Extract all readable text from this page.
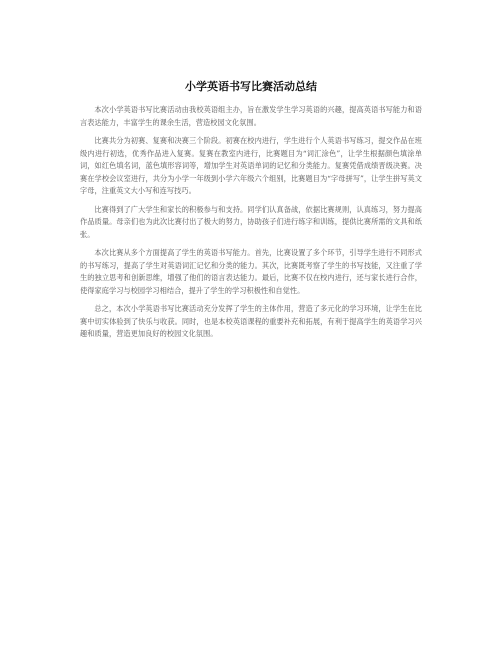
小学英语书写比赛活动总结

本次小学英语书写比赛活动由我校英语组主办，旨在激发学生学习英语的兴趣，提高英语书写能力和语言表达能力，丰富学生的课余生活，营造校园文化氛围。

比赛共分为初赛、复赛和决赛三个阶段。初赛在校内进行，学生进行个人英语书写练习，提交作品在班级内进行初选，优秀作品进入复赛。复赛在教室内进行，比赛题目为“词汇涂色”，让学生根据颜色填涂单词，如红色填名词，蓝色填形容词等，增加学生对英语单词的记忆和分类能力。复赛凭借成绩晋级决赛。决赛在学校会议室进行，共分为小学一年级到小学六年级六个组别，比赛题目为“字母拼写”，让学生拼写英文字母，注重英文大小写和连写技巧。

比赛得到了广大学生和家长的积极参与和支持。同学们认真备战，依据比赛规则，认真练习，努力提高作品质量。母亲们也为此次比赛付出了极大的努力，协助孩子们进行练字和训练，提供比赛所需的文具和纸张。

本次比赛从多个方面提高了学生的英语书写能力。首先，比赛设置了多个环节，引导学生进行不同形式的书写练习，提高了学生对英语词汇记忆和分类的能力。其次，比赛既考察了学生的书写技能，又注重了学生的独立思考和创新思维，增强了他们的语言表达能力。最后，比赛不仅在校内进行，还与家长进行合作，使得家庭学习与校园学习相结合，提升了学生的学习积极性和自觉性。

总之，本次小学英语书写比赛活动充分发挥了学生的主体作用，营造了多元化的学习环境，让学生在比赛中切实体验到了快乐与收获。同时，也是本校英语课程的重要补充和拓展，有利于提高学生的英语学习兴趣和质量，营造更加良好的校园文化氛围。
